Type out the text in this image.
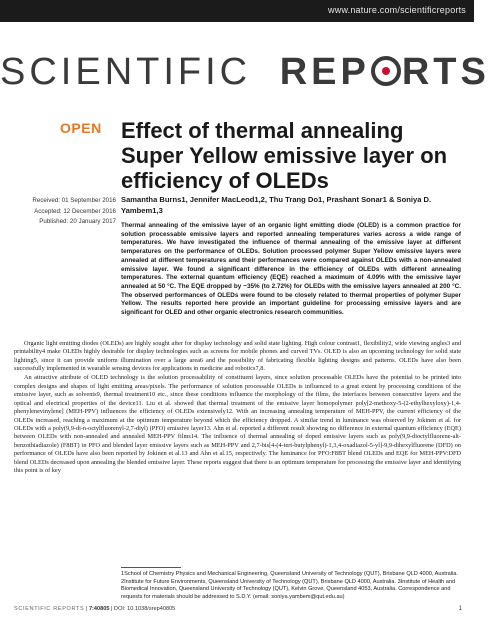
www.nature.com/scientificreports
SCIENTIFIC REP RTS
OPEN Effect of thermal annealing Super Yellow emissive layer on efficiency of OLEDs
Received: 01 September 2016
Accepted: 12 December 2016
Published: 20 January 2017
Samantha Burns1, Jennifer MacLeod1,2, Thu Trang Do1, Prashant Sonar1 & Soniya D. Yambem1,3
Thermal annealing of the emissive layer of an organic light emitting diode (OLED) is a common practice for solution processable emissive layers and reported annealing temperatures varies across a wide range of temperatures. We have investigated the influence of thermal annealing of the emissive layer at different temperatures on the performance of OLEDs. Solution processed polymer Super Yellow emissive layers were annealed at different temperatures and their performances were compared against OLEDs with a non-annealed emissive layer. We found a significant difference in the efficiency of OLEDs with different annealing temperatures. The external quantum efficiency (EQE) reached a maximum of 4.09% with the emissive layer annealed at 50 °C. The EQE dropped by ~35% (to 2.72%) for OLEDs with the emissive layers annealed at 200 °C. The observed performances of OLEDs were found to be closely related to thermal properties of polymer Super Yellow. The results reported here provide an important guideline for processing emissive layers and are significant for OLED and other organic electronics research communities.

Organic light emitting diodes (OLEDs) are highly sought after for display technology and solid state lighting. High colour contrast1, flexibility2, wide viewing angles3 and printability4 make OLEDs highly desirable for display technologies such as screens for mobile phones and curved TVs. OLED is also an upcoming technology for solid state lighting5, since it can provide uniform illumination over a large area6 and the possibility of fabricating flexible lighting designs and patterns. OLEDs have also been successfully implemented in wearable sensing devices for applications in medicine and robotics7,8.

An attractive attribute of OLED technology is the solution processability of constituent layers, since solution processable OLEDs have the potential to be printed into complex designs and shapes of light emitting areas/pixels. The performance of solution processable OLEDs is influenced to a great extent by processing conditions of the emissive layer, such as solvents9, thermal treatment10 etc., since these conditions influence the morphology of the films, the interfaces between consecutive layers and the optical and electrical properties of the device11. Liu et al. showed that thermal treatment of the emissive layer homopolymer poly[2-methoxy-5-(2-ethylhexyloxy)-1,4-phenylenevinylene] (MEH-PPV) influences the efficiency of OLEDs extensively12. With an increasing annealing temperature of MEH-PPV, the current efficiency of the OLEDs increased, reaching a maximum at the optimum temperature beyond which the efficiency dropped. A similar trend in luminance was observed by Jokinen et al. for OLEDs with a poly(9,9-di-n-octylfluorenyl-2,7-diyl) (PFO) emissive layer13. Ahn et al. reported a different result showing no difference in external quantum efficiency (EQE) between OLEDs with non-annealed and annealed MEH-PPV films14. The influence of thermal annealing of doped emissive layers such as poly(9,9-dioctylfluorene-alt-benzothiadiazole) (F8BT) in PFO and blended layer emissive layers such as MEH-PPV and 2,7-bis[4-(4-tert-butylphenyl)-1,3,4-oxadiazol-5-yl]-9,9-dihexylfluorene (DFD) on performance of OLEDs have also been reported by Jokinen et al.13 and Ahn et al.15, respectively. The luminance for PFO:F8BT blend OLEDs and EQE for MEH-PPV:DFD blend OLEDs decreased upon annealing the blended emissive layer. These reports suggest that there is an optimum temperature for processing the emissive layer and identifying this point is of key

1School of Chemistry Physics and Mechanical Engineering, Queensland University of Technology (QUT), Brisbane QLD 4000, Australia. 2Institute for Future Environments, Queensland University of Technology (QUT), Brisbane QLD 4000, Australia. 3Institute of Health and Biomedical Innovation, Queensland University of Technology (QUT), Kelvin Grove, Queensland 4053, Australia. Correspondence and requests for materials should be addressed to S.D.Y. (email: soniya.yambem@qut.edu.au)
SCIENTIFIC REPORTS | 7:40805 | DOI: 10.1038/srep40805	1
